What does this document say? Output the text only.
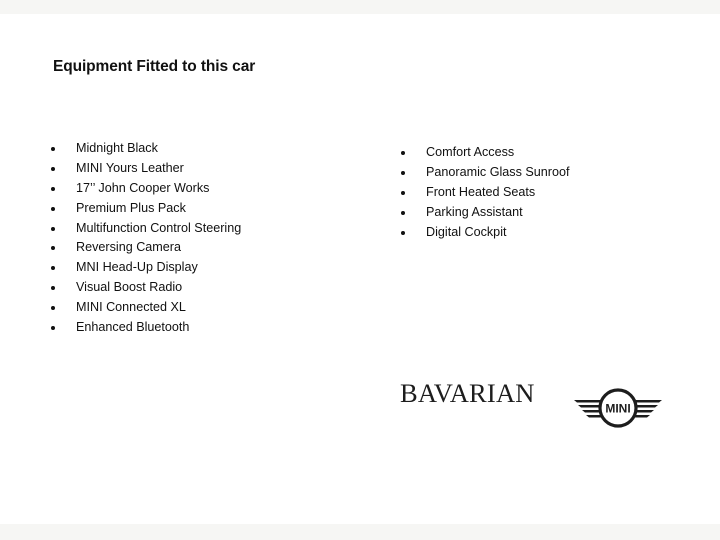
Equipment Fitted to this car
Midnight Black
MINI Yours Leather
17’’ John Cooper Works
Premium Plus Pack
Multifunction Control Steering
Reversing Camera
MNI Head-Up Display
Visual Boost Radio
MINI Connected XL
Enhanced Bluetooth
Comfort Access
Panoramic Glass Sunroof
Front Heated Seats
Parking Assistant
Digital Cockpit
BAVARIAN
MINI
